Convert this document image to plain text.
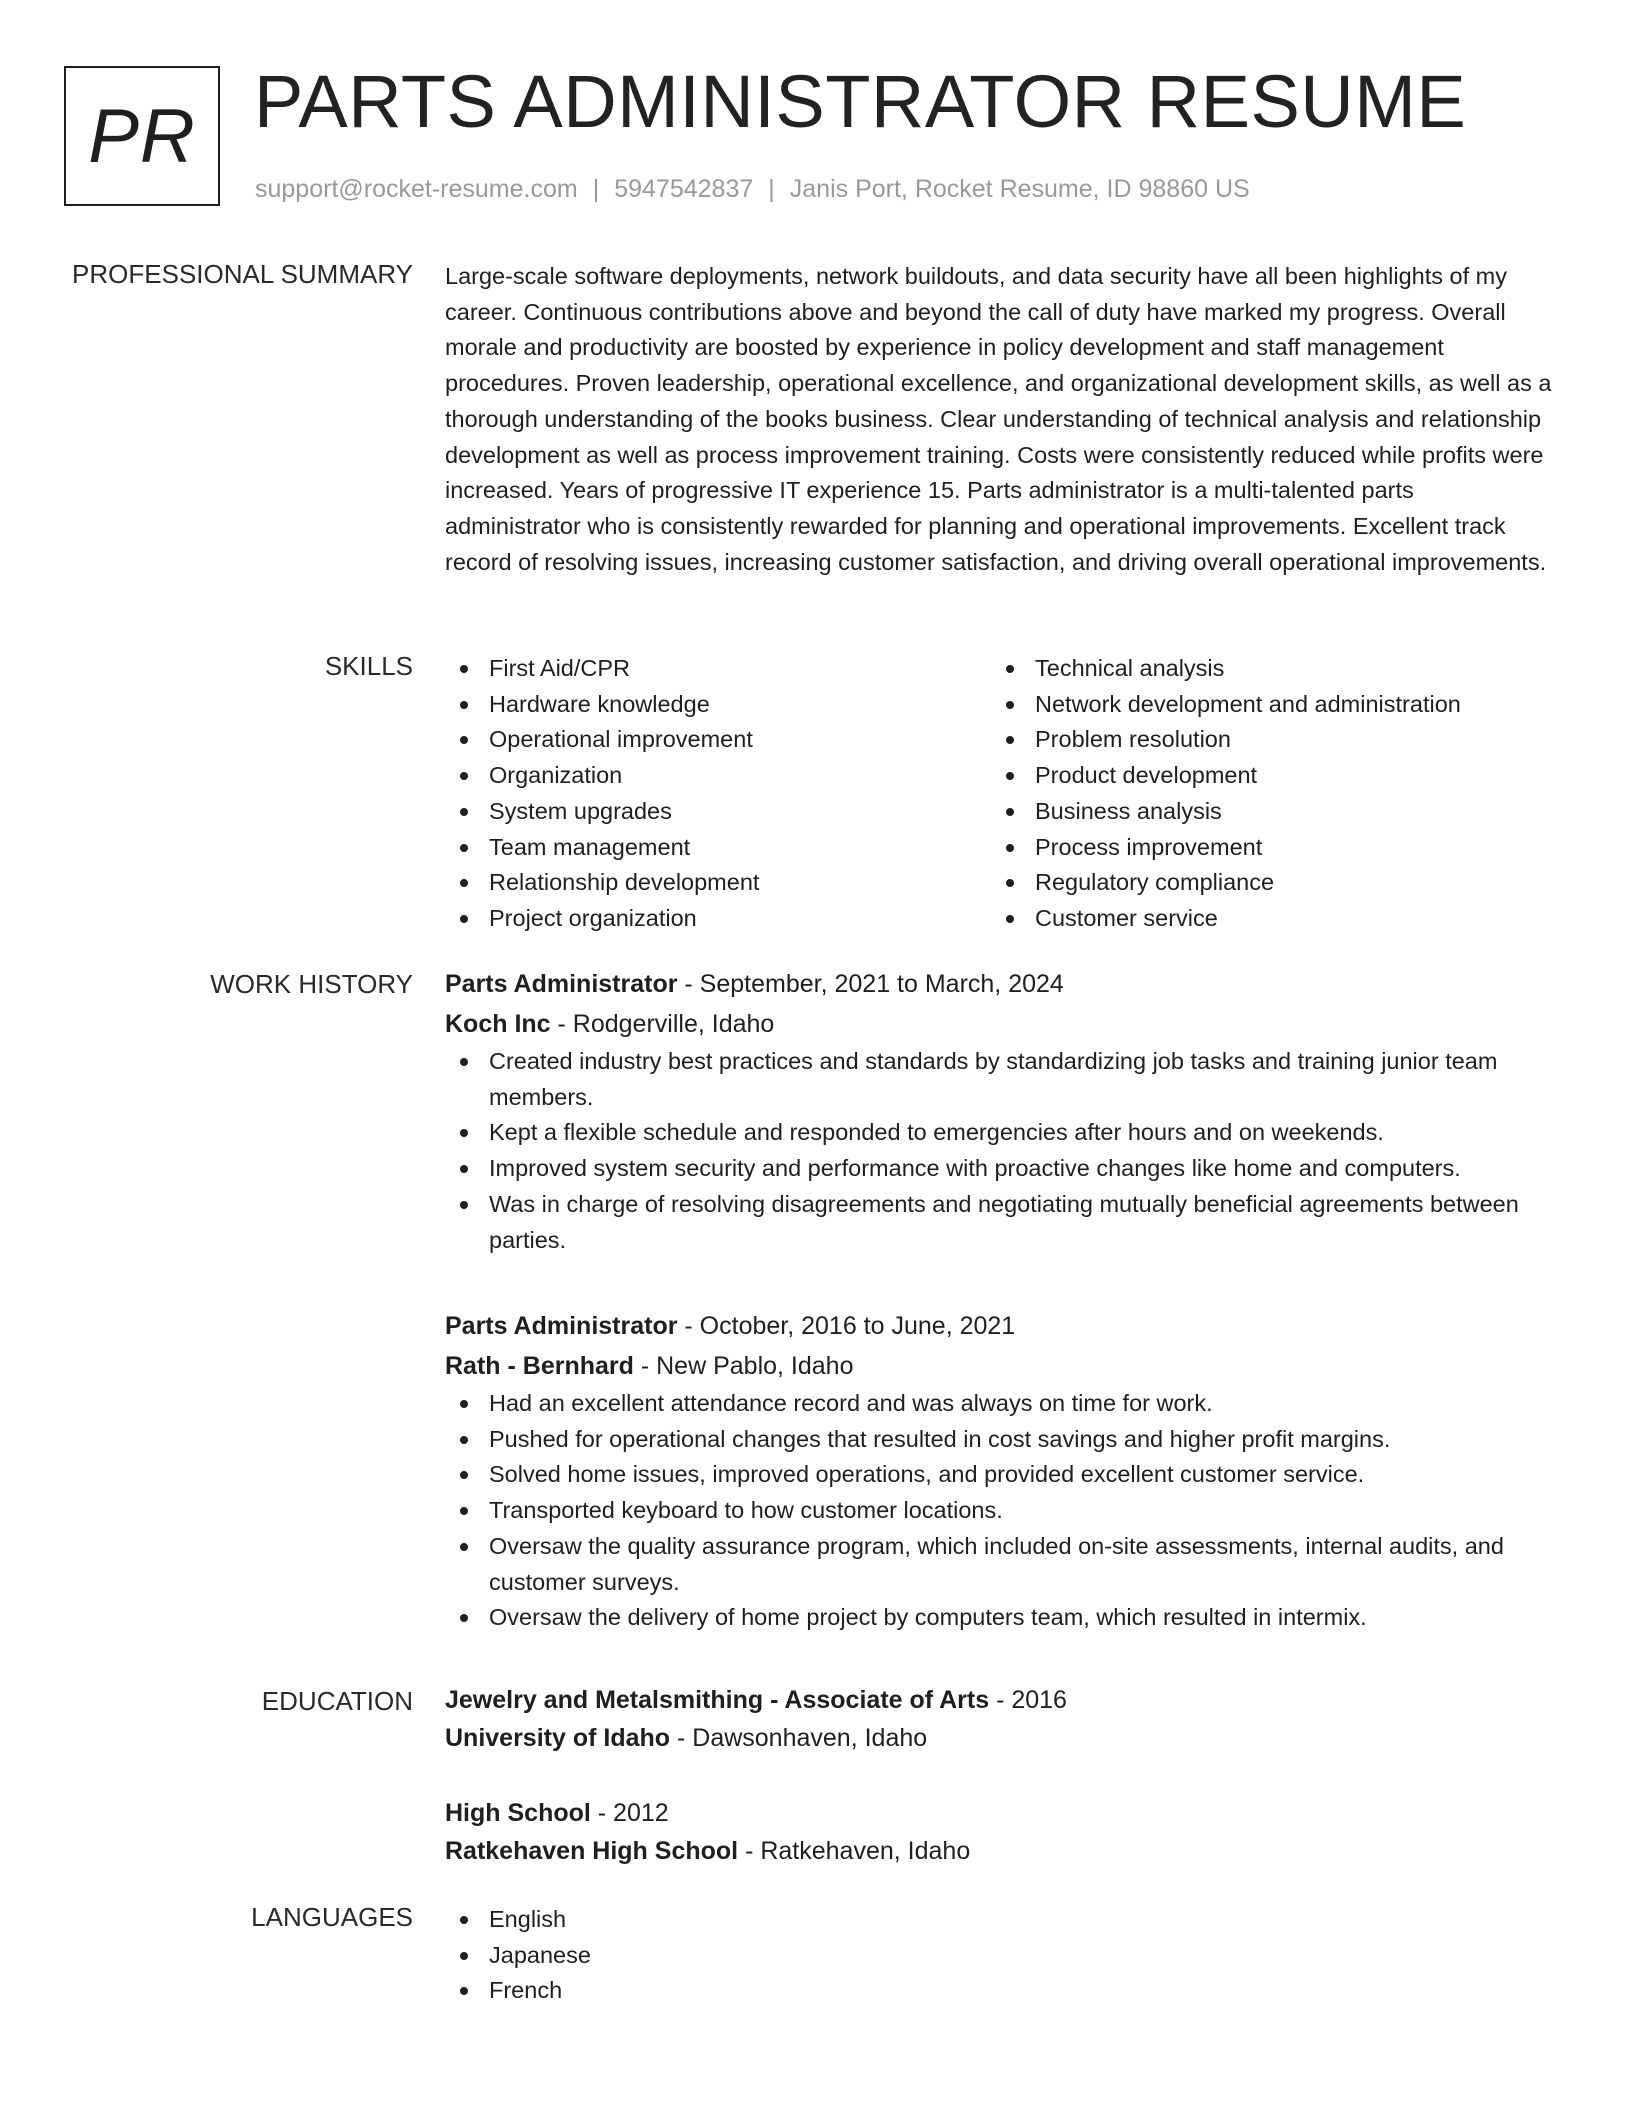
PR PARTS ADMINISTRATOR RESUME
support@rocket-resume.com | 5947542837 | Janis Port, Rocket Resume, ID 98860 US
PROFESSIONAL SUMMARY Large-scale software deployments, network buildouts, and data security have all been highlights of my career. Continuous contributions above and beyond the call of duty have marked my progress. Overall morale and productivity are boosted by experience in policy development and staff management procedures. Proven leadership, operational excellence, and organizational development skills, as well as a thorough understanding of the books business. Clear understanding of technical analysis and relationship development as well as process improvement training. Costs were consistently reduced while profits were increased. Years of progressive IT experience 15. Parts administrator is a multi-talented parts administrator who is consistently rewarded for planning and operational improvements. Excellent track record of resolving issues, increasing customer satisfaction, and driving overall operational improvements.

SKILLS	First Aid/CPR
Hardware knowledge
Operational improvement
Organization
System upgrades
Team management
Relationship development
Project organization
Technical analysis
Network development and administration
Problem resolution
Product development
Business analysis
Process improvement
Regulatory compliance
Customer service
WORK HISTORY Parts Administrator - September, 2021 to March, 2024
Koch Inc - Rodgerville, Idaho
Created industry best practices and standards by standardizing job tasks and training junior team members.
Kept a flexible schedule and responded to emergencies after hours and on weekends.
Improved system security and performance with proactive changes like home and computers.
Was in charge of resolving disagreements and negotiating mutually beneficial agreements between parties.
Parts Administrator - October, 2016 to June, 2021
Rath - Bernhard - New Pablo, Idaho
Had an excellent attendance record and was always on time for work.
Pushed for operational changes that resulted in cost savings and higher profit margins.
Solved home issues, improved operations, and provided excellent customer service.
Transported keyboard to how customer locations.
Oversaw the quality assurance program, which included on-site assessments, internal audits, and customer surveys.
Oversaw the delivery of home project by computers team, which resulted in intermix.
EDUCATION Jewelry and Metalsmithing - Associate of Arts - 2016
University of Idaho - Dawsonhaven, Idaho
High School - 2012
Ratkehaven High School - Ratkehaven, Idaho
LANGUAGES	English
Japanese
French
